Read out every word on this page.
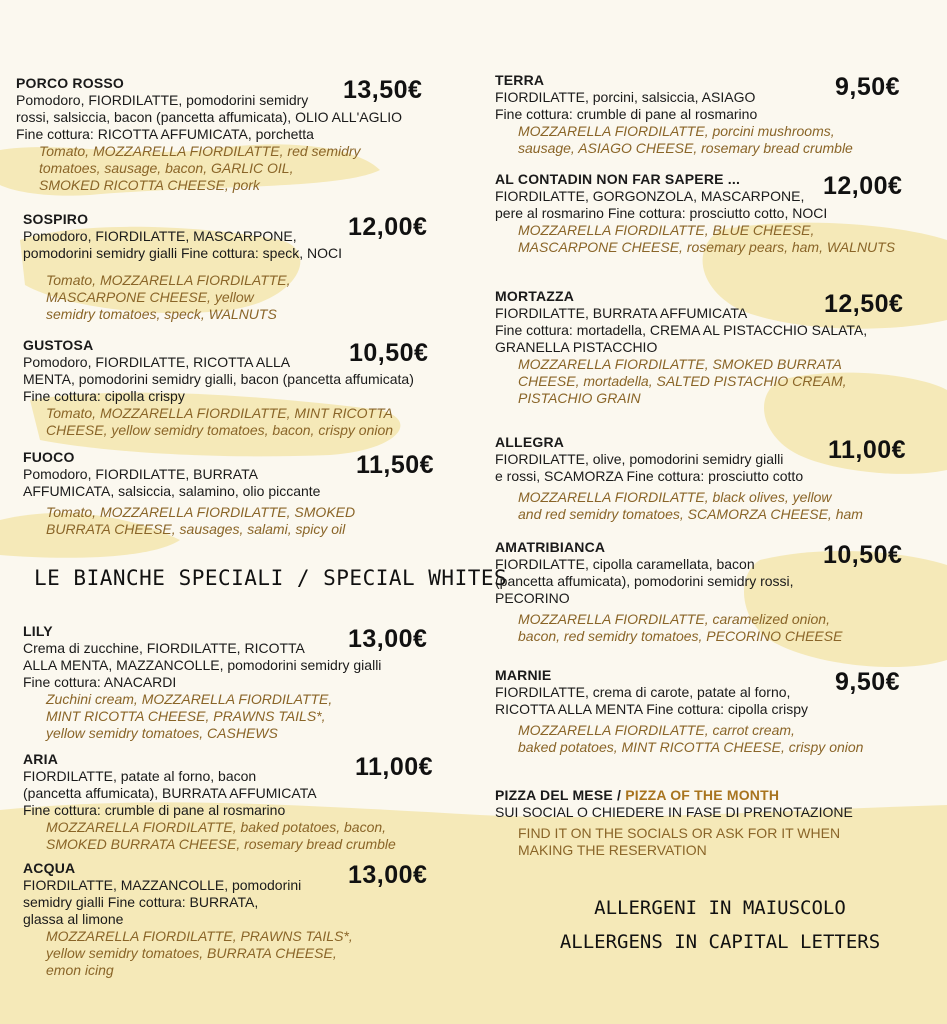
PORCO ROSSO
Pomodoro, FIORDILATTE, pomodorini semidry
rossi, salsiccia, bacon (pancetta affumicata), OLIO ALL'AGLIO
Fine cottura: RICOTTA AFFUMICATA, porchetta
Tomato, MOZZARELLA FIORDILATTE, red semidry
tomatoes, sausage, bacon, GARLIC OIL,
SMOKED RICOTTA CHEESE, pork
13,50€
SOSPIRO
Pomodoro, FIORDILATTE, MASCARPONE,
pomodorini semidry gialli Fine cottura: speck, NOCI
Tomato, MOZZARELLA FIORDILATTE,
MASCARPONE CHEESE, yellow
semidry tomatoes, speck, WALNUTS
12,00€
GUSTOSA
Pomodoro, FIORDILATTE, RICOTTA ALLA
MENTA, pomodorini semidry gialli, bacon (pancetta affumicata)
Fine cottura: cipolla crispy
Tomato, MOZZARELLA FIORDILATTE, MINT RICOTTA
CHEESE, yellow semidry tomatoes, bacon, crispy onion
10,50€
FUOCO
Pomodoro, FIORDILATTE, BURRATA
AFFUMICATA, salsiccia, salamino, olio piccante
Tomato, MOZZARELLA FIORDILATTE, SMOKED
BURRATA CHEESE, sausages, salami, spicy oil
11,50€
LE BIANCHE SPECIALI / SPECIAL WHITES
LILY
Crema di zucchine, FIORDILATTE, RICOTTA
ALLA MENTA, MAZZANCOLLE, pomodorini semidry gialli
Fine cottura: ANACARDI
Zuchini cream, MOZZARELLA FIORDILATTE,
MINT RICOTTA CHEESE, PRAWNS TAILS*,
yellow semidry tomatoes, CASHEWS
13,00€
ARIA
FIORDILATTE, patate al forno, bacon
(pancetta affumicata), BURRATA AFFUMICATA
Fine cottura: crumble di pane al rosmarino
MOZZARELLA FIORDILATTE, baked potatoes, bacon,
SMOKED BURRATA CHEESE, rosemary bread crumble
11,00€
ACQUA
FIORDILATTE, MAZZANCOLLE, pomodorini
semidry gialli Fine cottura: BURRATA,
glassa al limone
MOZZARELLA FIORDILATTE, PRAWNS TAILS*,
yellow semidry tomatoes, BURRATA CHEESE,
emon icing
13,00€
TERRA
FIORDILATTE, porcini, salsiccia, ASIAGO
Fine cottura: crumble di pane al rosmarino
MOZZARELLA FIORDILATTE, porcini mushrooms,
sausage, ASIAGO CHEESE, rosemary bread crumble
9,50€
AL CONTADIN NON FAR SAPERE ...
FIORDILATTE, GORGONZOLA, MASCARPONE,
pere al rosmarino Fine cottura: prosciutto cotto, NOCI
MOZZARELLA FIORDILATTE, BLUE CHEESE,
MASCARPONE CHEESE, rosemary pears, ham, WALNUTS
12,00€
MORTAZZA
FIORDILATTE, BURRATA AFFUMICATA
Fine cottura: mortadella, CREMA AL PISTACCHIO SALATA,
GRANELLA PISTACCHIO
MOZZARELLA FIORDILATTE, SMOKED BURRATA
CHEESE, mortadella, SALTED PISTACHIO CREAM,
PISTACHIO GRAIN
12,50€
ALLEGRA
FIORDILATTE, olive, pomodorini semidry gialli
e rossi, SCAMORZA Fine cottura: prosciutto cotto
MOZZARELLA FIORDILATTE, black olives, yellow
and red semidry tomatoes, SCAMORZA CHEESE, ham
11,00€
AMATRIBIANCA
FIORDILATTE, cipolla caramellata, bacon
(pancetta affumicata), pomodorini semidry rossi,
PECORINO
MOZZARELLA FIORDILATTE, caramelized onion,
bacon, red semidry tomatoes, PECORINO CHEESE
10,50€
MARNIE
FIORDILATTE, crema di carote, patate al forno,
RICOTTA ALLA MENTA Fine cottura: cipolla crispy
MOZZARELLA FIORDILATTE, carrot cream,
baked potatoes, MINT RICOTTA CHEESE, crispy onion
9,50€
PIZZA DEL MESE / PIZZA OF THE MONTH
SUI SOCIAL O CHIEDERE IN FASE DI PRENOTAZIONE
FIND IT ON THE SOCIALS OR ASK FOR IT WHEN
MAKING THE RESERVATION
ALLERGENI IN MAIUSCOLO
ALLERGENS IN CAPITAL LETTERS
